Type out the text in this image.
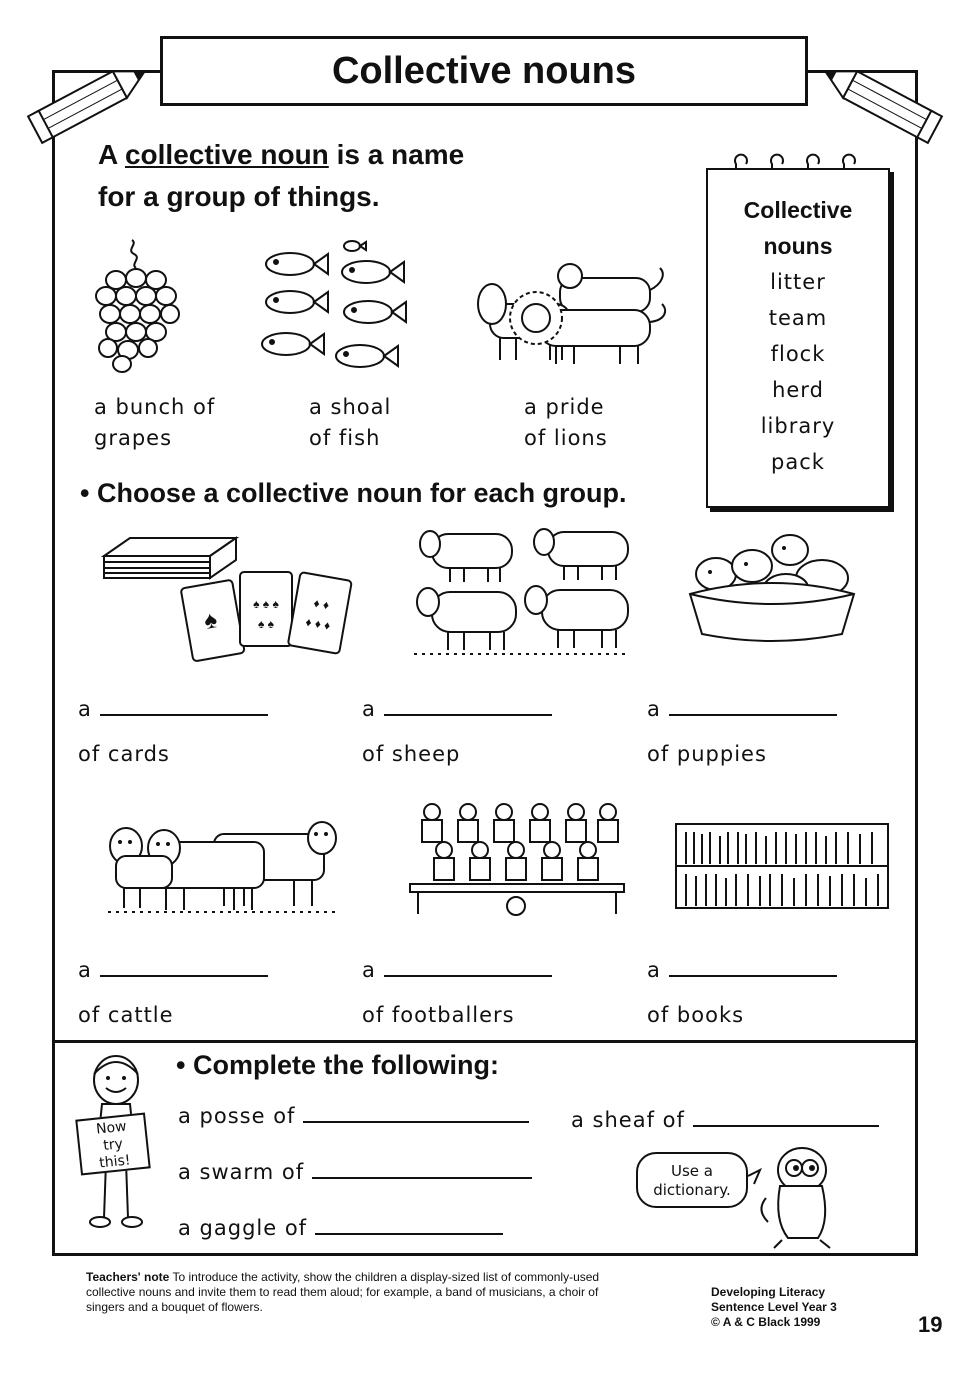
Collective nouns
A collective noun is a name
for a group of things.
a bunch of
grapes
a shoal
of fish
a pride
of lions
Collective
nouns
litter
team
flock
herd
library
pack
• Choose a collective noun for each group.
♠
♠ ♠ ♠
♠ ♠
♦ ♦
♦ ♦ ♦
a
of cards
a
of sheep
a
of puppies
a
of cattle
a
of footballers
a
of books
Now
try
this!
• Complete the following:
a posse of	a sheaf of
a swarm of
a gaggle of
Use a
dictionary.
Teachers' note To introduce the activity, show the children a display-sized list of commonly-used
collective nouns and invite them to read them aloud; for example, a band of musicians, a choir of
singers and a bouquet of flowers.
Developing Literacy
Sentence Level Year 3
© A & C Black 1999	19
